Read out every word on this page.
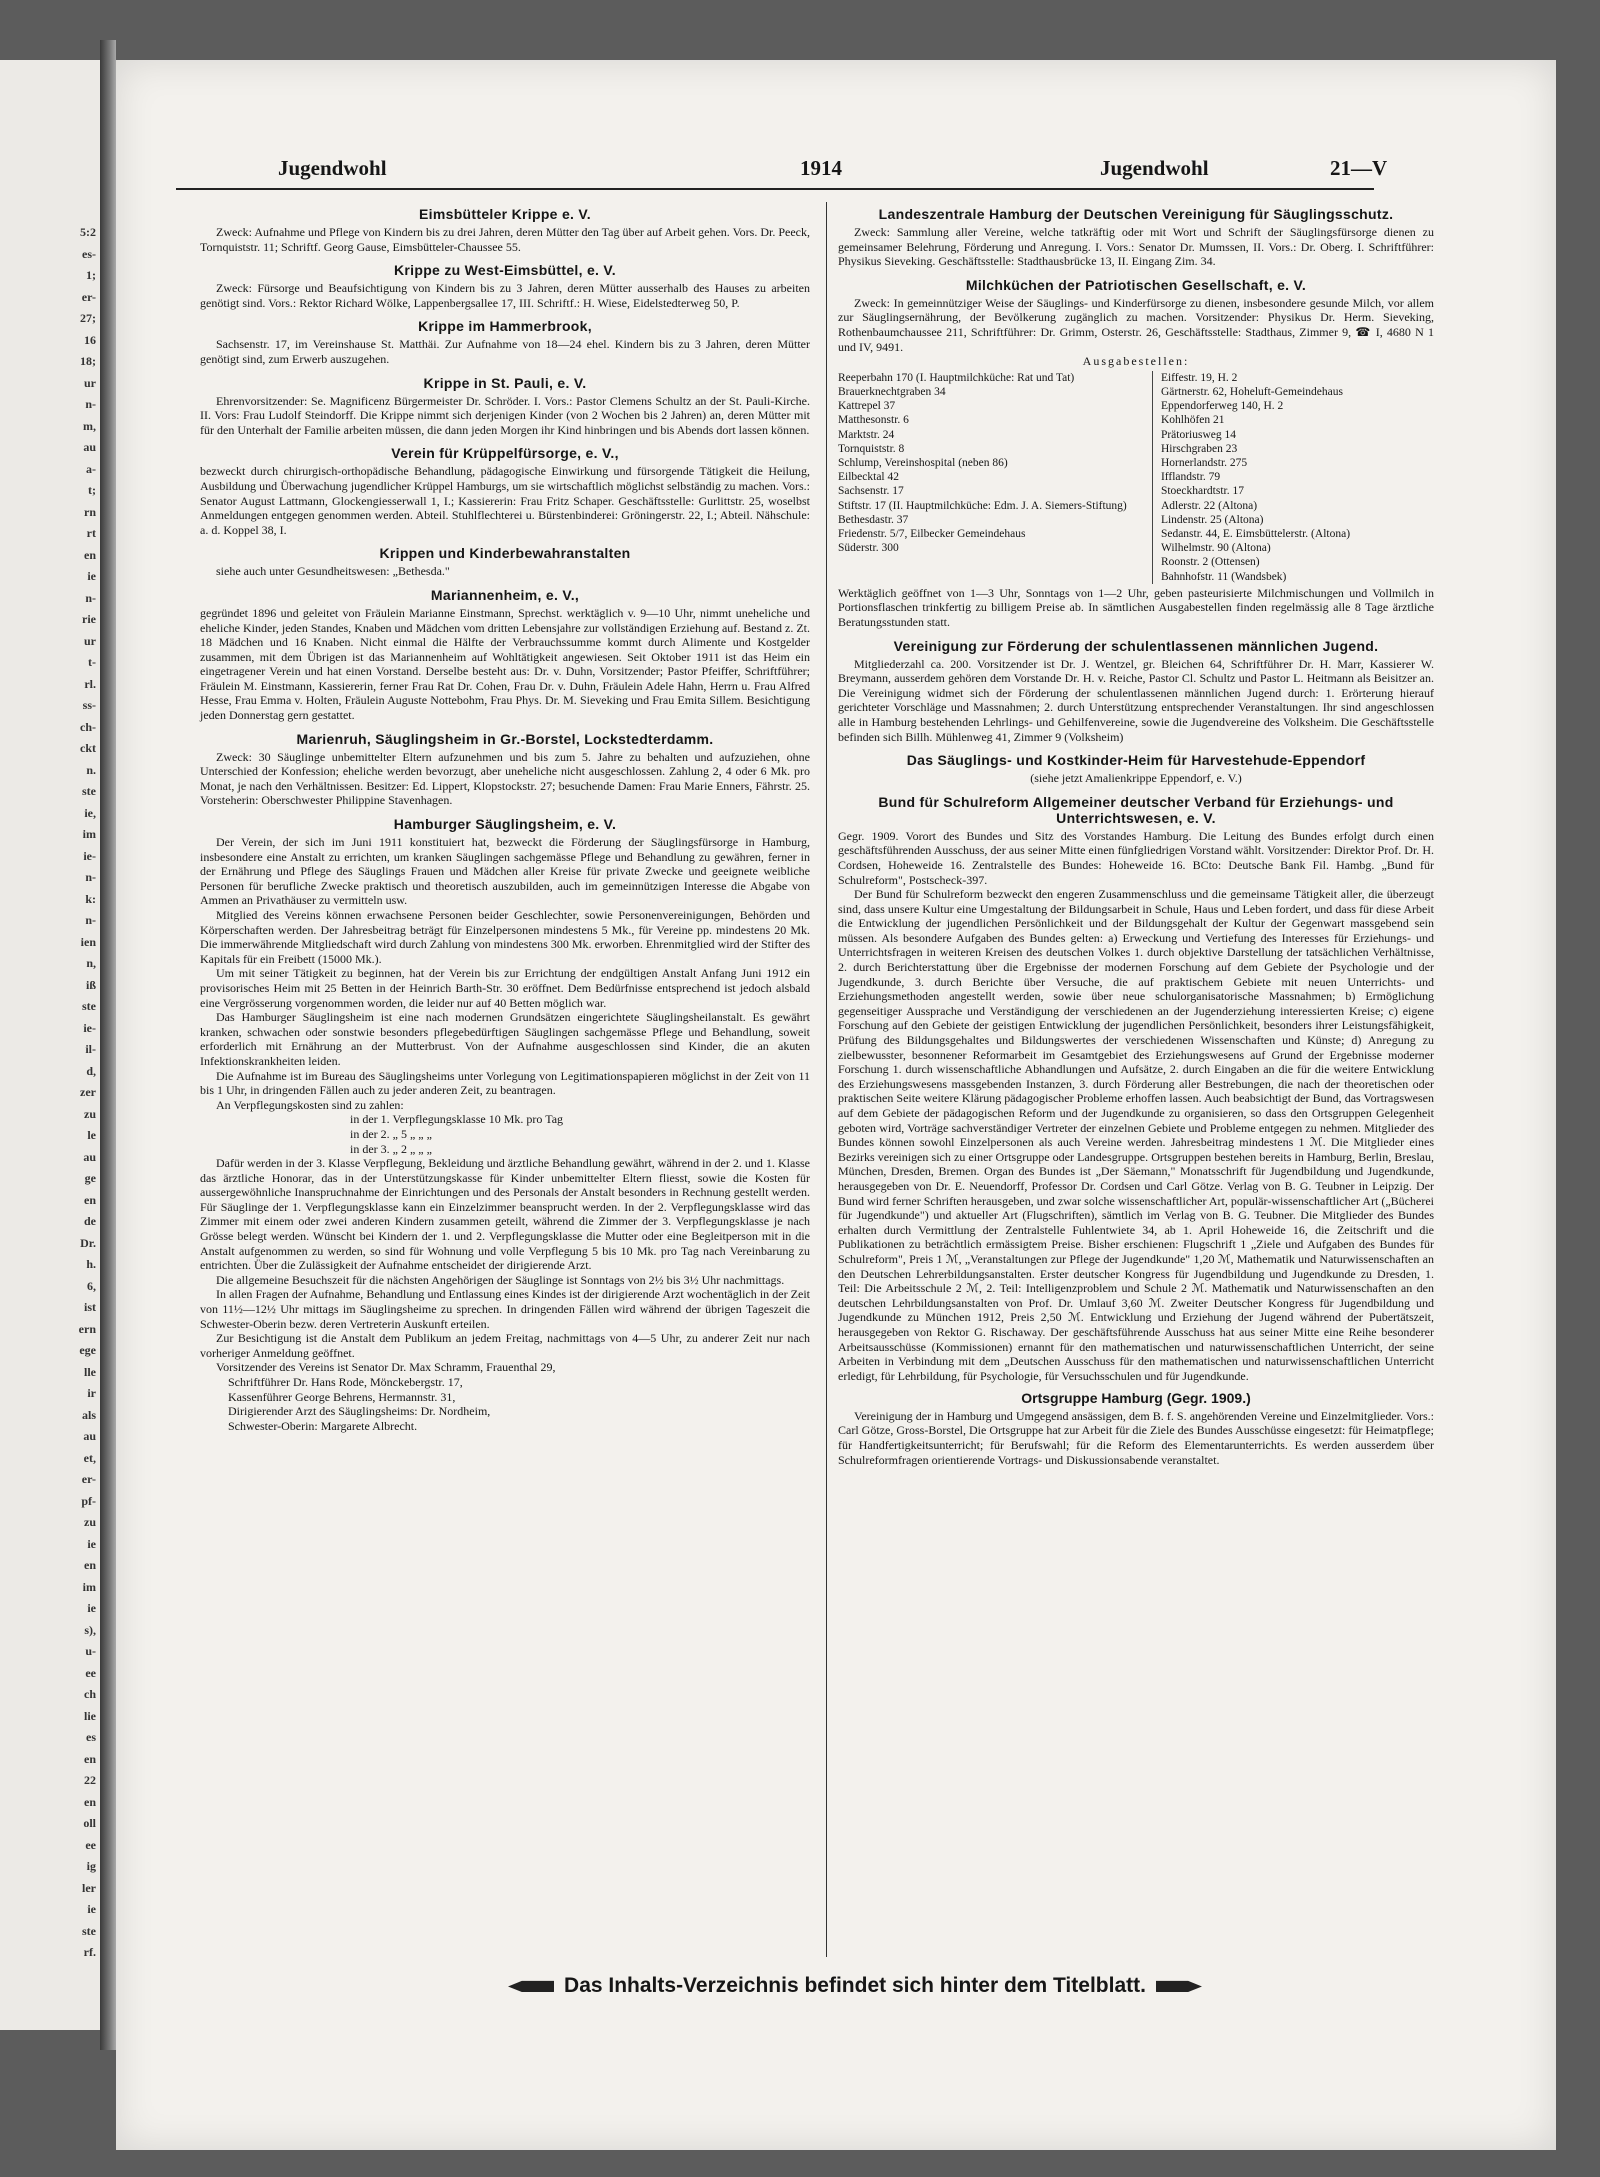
5:2
es-
1;
er-
27;
16
18;
ur
n-
m,
au
a-
t;
rn
rt
en
ie
n-
rie
ur
t-
rl.
ss-
ch-
ckt
n.
ste
ie,
im
ie-
n-
k:
n-
ien
n,
iß
ste
ie-
il-
d,
zer
zu
le
au
ge
en
de
Dr.
h.
6,
ist
ern
ege
lle
ir
als
au
et,
er-
pf-
zu
ie
en
im
ie
s),
u-
ee
ch
lie
es
en
22
en
oll
ee
ig
ler
ie
ste
rf.
Jugendwohl	1914	Jugendwohl	21—V
Eimsbütteler Krippe e. V.

Zweck: Aufnahme und Pflege von Kindern bis zu drei Jahren, deren Mütter den Tag über auf Arbeit gehen. Vors. Dr. Peeck, Tornquiststr. 11; Schriftf. Georg Gause, Eimsbütteler-Chaussee 55.

Krippe zu West-Eimsbüttel, e. V.

Zweck: Fürsorge und Beaufsichtigung von Kindern bis zu 3 Jahren, deren Mütter ausserhalb des Hauses zu arbeiten genötigt sind. Vors.: Rektor Richard Wölke, Lappenbergsallee 17, III. Schriftf.: H. Wiese, Eidelstedterweg 50, P.

Krippe im Hammerbrook,

Sachsenstr. 17, im Vereinshause St. Matthäi. Zur Aufnahme von 18—24 ehel. Kindern bis zu 3 Jahren, deren Mütter genötigt sind, zum Erwerb auszugehen.

Krippe in St. Pauli, e. V.

Ehrenvorsitzender: Se. Magnificenz Bürgermeister Dr. Schröder. I. Vors.: Pastor Clemens Schultz an der St. Pauli-Kirche. II. Vors: Frau Ludolf Steindorff. Die Krippe nimmt sich derjenigen Kinder (von 2 Wochen bis 2 Jahren) an, deren Mütter mit für den Unterhalt der Familie arbeiten müssen, die dann jeden Morgen ihr Kind hinbringen und bis Abends dort lassen können.

Verein für Krüppelfürsorge, e. V.,

bezweckt durch chirurgisch-orthopädische Behandlung, pädagogische Einwirkung und fürsorgende Tätigkeit die Heilung, Ausbildung und Überwachung jugendlicher Krüppel Hamburgs, um sie wirtschaftlich möglichst selbständig zu machen. Vors.: Senator August Lattmann, Glockengiesserwall 1, I.; Kassiererin: Frau Fritz Schaper. Geschäftsstelle: Gurlittstr. 25, woselbst Anmeldungen entgegen genommen werden. Abteil. Stuhlflechterei u. Bürstenbinderei: Gröningerstr. 22, I.; Abteil. Nähschule: a. d. Koppel 38, I.

Krippen und Kinderbewahranstalten

siehe auch unter Gesundheitswesen: „Bethesda."

Mariannenheim, e. V.,

gegründet 1896 und geleitet von Fräulein Marianne Einstmann, Sprechst. werktäglich v. 9—10 Uhr, nimmt uneheliche und eheliche Kinder, jeden Standes, Knaben und Mädchen vom dritten Lebensjahre zur vollständigen Erziehung auf. Bestand z. Zt. 18 Mädchen und 16 Knaben. Nicht einmal die Hälfte der Verbrauchssumme kommt durch Alimente und Kostgelder zusammen, mit dem Übrigen ist das Mariannenheim auf Wohltätigkeit angewiesen. Seit Oktober 1911 ist das Heim ein eingetragener Verein und hat einen Vorstand. Derselbe besteht aus: Dr. v. Duhn, Vorsitzender; Pastor Pfeiffer, Schriftführer; Fräulein M. Einstmann, Kassiererin, ferner Frau Rat Dr. Cohen, Frau Dr. v. Duhn, Fräulein Adele Hahn, Herrn u. Frau Alfred Hesse, Frau Emma v. Holten, Fräulein Auguste Nottebohm, Frau Phys. Dr. M. Sieveking und Frau Emita Sillem. Besichtigung jeden Donnerstag gern gestattet.

Marienruh, Säuglingsheim in Gr.-Borstel, Lockstedterdamm.

Zweck: 30 Säuglinge unbemittelter Eltern aufzunehmen und bis zum 5. Jahre zu behalten und aufzuziehen, ohne Unterschied der Konfession; eheliche werden bevorzugt, aber uneheliche nicht ausgeschlossen. Zahlung 2, 4 oder 6 Mk. pro Monat, je nach den Verhältnissen. Besitzer: Ed. Lippert, Klopstockstr. 27; besuchende Damen: Frau Marie Enners, Fährstr. 25. Vorsteherin: Oberschwester Philippine Stavenhagen.

Hamburger Säuglingsheim, e. V.

Der Verein, der sich im Juni 1911 konstituiert hat, bezweckt die Förderung der Säuglingsfürsorge in Hamburg, insbesondere eine Anstalt zu errichten, um kranken Säuglingen sachgemässe Pflege und Behandlung zu gewähren, ferner in der Ernährung und Pflege des Säuglings Frauen und Mädchen aller Kreise für private Zwecke und geeignete weibliche Personen für berufliche Zwecke praktisch und theoretisch auszubilden, auch im gemeinnützigen Interesse die Abgabe von Ammen an Privathäuser zu vermitteln usw.

Mitglied des Vereins können erwachsene Personen beider Geschlechter, sowie Personenvereinigungen, Behörden und Körperschaften werden. Der Jahresbeitrag beträgt für Einzelpersonen mindestens 5 Mk., für Vereine pp. mindestens 20 Mk. Die immerwährende Mitgliedschaft wird durch Zahlung von mindestens 300 Mk. erworben. Ehrenmitglied wird der Stifter des Kapitals für ein Freibett (15000 Mk.).

Um mit seiner Tätigkeit zu beginnen, hat der Verein bis zur Errichtung der endgültigen Anstalt Anfang Juni 1912 ein provisorisches Heim mit 25 Betten in der Heinrich Barth-Str. 30 eröffnet. Dem Bedürfnisse entsprechend ist jedoch alsbald eine Vergrösserung vorgenommen worden, die leider nur auf 40 Betten möglich war.

Das Hamburger Säuglingsheim ist eine nach modernen Grundsätzen eingerichtete Säuglingsheilanstalt. Es gewährt kranken, schwachen oder sonstwie besonders pflegebedürftigen Säuglingen sachgemässe Pflege und Behandlung, soweit erforderlich mit Ernährung an der Mutterbrust. Von der Aufnahme ausgeschlossen sind Kinder, die an akuten Infektionskrankheiten leiden.

Die Aufnahme ist im Bureau des Säuglingsheims unter Vorlegung von Legitimationspapieren möglichst in der Zeit von 11 bis 1 Uhr, in dringenden Fällen auch zu jeder anderen Zeit, zu beantragen.

An Verpflegungskosten sind zu zahlen:

in der 1. Verpflegungsklasse 10 Mk. pro Tag

in der 2. „ 5 „ „ „

in der 3. „ 2 „ „ „

Dafür werden in der 3. Klasse Verpflegung, Bekleidung und ärztliche Behandlung gewährt, während in der 2. und 1. Klasse das ärztliche Honorar, das in der Unterstützungskasse für Kinder unbemittelter Eltern fliesst, sowie die Kosten für aussergewöhnliche Inanspruchnahme der Einrichtungen und des Personals der Anstalt besonders in Rechnung gestellt werden. Für Säuglinge der 1. Verpflegungsklasse kann ein Einzelzimmer beansprucht werden. In der 2. Verpflegungsklasse wird das Zimmer mit einem oder zwei anderen Kindern zusammen geteilt, während die Zimmer der 3. Verpflegungsklasse je nach Grösse belegt werden. Wünscht bei Kindern der 1. und 2. Verpflegungsklasse die Mutter oder eine Begleitperson mit in die Anstalt aufgenommen zu werden, so sind für Wohnung und volle Verpflegung 5 bis 10 Mk. pro Tag nach Vereinbarung zu entrichten. Über die Zulässigkeit der Aufnahme entscheidet der dirigierende Arzt.

Die allgemeine Besuchszeit für die nächsten Angehörigen der Säuglinge ist Sonntags von 2½ bis 3½ Uhr nachmittags.

In allen Fragen der Aufnahme, Behandlung und Entlassung eines Kindes ist der dirigierende Arzt wochentäglich in der Zeit von 11½—12½ Uhr mittags im Säuglingsheime zu sprechen. In dringenden Fällen wird während der übrigen Tageszeit die Schwester-Oberin bezw. deren Vertreterin Auskunft erteilen.

Zur Besichtigung ist die Anstalt dem Publikum an jedem Freitag, nachmittags von 4—5 Uhr, zu anderer Zeit nur nach vorheriger Anmeldung geöffnet.

Vorsitzender des Vereins ist Senator Dr. Max Schramm, Frauenthal 29,

Schriftführer Dr. Hans Rode, Mönckebergstr. 17,

Kassenführer George Behrens, Hermannstr. 31,

Dirigierender Arzt des Säuglingsheims: Dr. Nordheim,

Schwester-Oberin: Margarete Albrecht.

Landeszentrale Hamburg der Deutschen Vereinigung für Säuglingsschutz.

Zweck: Sammlung aller Vereine, welche tatkräftig oder mit Wort und Schrift der Säuglingsfürsorge dienen zu gemeinsamer Belehrung, Förderung und Anregung. I. Vors.: Senator Dr. Mumssen, II. Vors.: Dr. Oberg. I. Schriftführer: Physikus Sieveking. Geschäftsstelle: Stadthausbrücke 13, II. Eingang Zim. 34.

Milchküchen der Patriotischen Gesellschaft, e. V.

Zweck: In gemeinnütziger Weise der Säuglings- und Kinderfürsorge zu dienen, insbesondere gesunde Milch, vor allem zur Säuglingsernährung, der Bevölkerung zugänglich zu machen. Vorsitzender: Physikus Dr. Herm. Sieveking, Rothenbaumchaussee 211, Schriftführer: Dr. Grimm, Osterstr. 26, Geschäftsstelle: Stadthaus, Zimmer 9, ☎ I, 4680 N 1 und IV, 9491.

Ausgabestellen:

Reeperbahn 170 (I. Hauptmilchküche: Rat und Tat)
Brauerknechtgraben 34
Kattrepel 37
Matthesonstr. 6
Marktstr. 24
Tornquiststr. 8
Schlump, Vereinshospital (neben 86)
Eilbecktal 42
Sachsenstr. 17
Stiftstr. 17 (II. Hauptmilchküche: Edm. J. A. Siemers-Stiftung)
Bethesdastr. 37
Friedenstr. 5/7, Eilbecker Gemeindehaus
Süderstr. 300
Eiffestr. 19, H. 2
Gärtnerstr. 62, Hoheluft-Gemeindehaus
Eppendorferweg 140, H. 2
Kohlhöfen 21
Prätoriusweg 14
Hirschgraben 23
Hornerlandstr. 275
Ifflandstr. 79
Stoeckhardtstr. 17
Adlerstr. 22 (Altona)
Lindenstr. 25 (Altona)
Sedanstr. 44, E. Eimsbüttelerstr. (Altona)
Wilhelmstr. 90 (Altona)
Roonstr. 2 (Ottensen)
Bahnhofstr. 11 (Wandsbek)

Werktäglich geöffnet von 1—3 Uhr, Sonntags von 1—2 Uhr, geben pasteurisierte Milchmischungen und Vollmilch in Portionsflaschen trinkfertig zu billigem Preise ab. In sämtlichen Ausgabestellen finden regelmässig alle 8 Tage ärztliche Beratungsstunden statt.

Vereinigung zur Förderung der schulentlassenen männlichen Jugend.

Mitgliederzahl ca. 200. Vorsitzender ist Dr. J. Wentzel, gr. Bleichen 64, Schriftführer Dr. H. Marr, Kassierer W. Breymann, ausserdem gehören dem Vorstande Dr. H. v. Reiche, Pastor Cl. Schultz und Pastor L. Heitmann als Beisitzer an. Die Vereinigung widmet sich der Förderung der schulentlassenen männlichen Jugend durch: 1. Erörterung hierauf gerichteter Vorschläge und Massnahmen; 2. durch Unterstützung entsprechender Veranstaltungen. Ihr sind angeschlossen alle in Hamburg bestehenden Lehrlings- und Gehilfenvereine, sowie die Jugendvereine des Volksheim. Die Geschäftsstelle befinden sich Billh. Mühlenweg 41, Zimmer 9 (Volksheim)

Das Säuglings- und Kostkinder-Heim für Harvestehude-Eppendorf

(siehe jetzt Amalienkrippe Eppendorf, e. V.)

Bund für Schulreform Allgemeiner deutscher Verband für Erziehungs- und Unterrichtswesen, e. V.

Gegr. 1909. Vorort des Bundes und Sitz des Vorstandes Hamburg. Die Leitung des Bundes erfolgt durch einen geschäftsführenden Ausschuss, der aus seiner Mitte einen fünfgliedrigen Vorstand wählt. Vorsitzender: Direktor Prof. Dr. H. Cordsen, Hoheweide 16. Zentralstelle des Bundes: Hoheweide 16. BCto: Deutsche Bank Fil. Hambg. „Bund für Schulreform", Postscheck-397.

Der Bund für Schulreform bezweckt den engeren Zusammenschluss und die gemeinsame Tätigkeit aller, die überzeugt sind, dass unsere Kultur eine Umgestaltung der Bildungsarbeit in Schule, Haus und Leben fordert, und dass für diese Arbeit die Entwicklung der jugendlichen Persönlichkeit und der Bildungsgehalt der Kultur der Gegenwart massgebend sein müssen. Als besondere Aufgaben des Bundes gelten: a) Erweckung und Vertiefung des Interesses für Erziehungs- und Unterrichtsfragen in weiteren Kreisen des deutschen Volkes 1. durch objektive Darstellung der tatsächlichen Verhältnisse, 2. durch Berichterstattung über die Ergebnisse der modernen Forschung auf dem Gebiete der Psychologie und der Jugendkunde, 3. durch Berichte über Versuche, die auf praktischem Gebiete mit neuen Unterrichts- und Erziehungsmethoden angestellt werden, sowie über neue schulorganisatorische Massnahmen; b) Ermöglichung gegenseitiger Aussprache und Verständigung der verschiedenen an der Jugenderziehung interessierten Kreise; c) eigene Forschung auf den Gebiete der geistigen Entwicklung der jugendlichen Persönlichkeit, besonders ihrer Leistungsfähigkeit, Prüfung des Bildungsgehaltes und Bildungswertes der verschiedenen Wissenschaften und Künste; d) Anregung zu zielbewusster, besonnener Reformarbeit im Gesamtgebiet des Erziehungswesens auf Grund der Ergebnisse moderner Forschung 1. durch wissenschaftliche Abhandlungen und Aufsätze, 2. durch Eingaben an die für die weitere Entwicklung des Erziehungswesens massgebenden Instanzen, 3. durch Förderung aller Bestrebungen, die nach der theoretischen oder praktischen Seite weitere Klärung pädagogischer Probleme erhoffen lassen. Auch beabsichtigt der Bund, das Vortragswesen auf dem Gebiete der pädagogischen Reform und der Jugendkunde zu organisieren, so dass den Ortsgruppen Gelegenheit geboten wird, Vorträge sachverständiger Vertreter der einzelnen Gebiete und Probleme entgegen zu nehmen. Mitglieder des Bundes können sowohl Einzelpersonen als auch Vereine werden. Jahresbeitrag mindestens 1 ℳ. Die Mitglieder eines Bezirks vereinigen sich zu einer Ortsgruppe oder Landesgruppe. Ortsgruppen bestehen bereits in Hamburg, Berlin, Breslau, München, Dresden, Bremen. Organ des Bundes ist „Der Säemann," Monatsschrift für Jugendbildung und Jugendkunde, herausgegeben von Dr. E. Neuendorff, Professor Dr. Cordsen und Carl Götze. Verlag von B. G. Teubner in Leipzig. Der Bund wird ferner Schriften herausgeben, und zwar solche wissenschaftlicher Art, populär-wissenschaftlicher Art („Bücherei für Jugendkunde") und aktueller Art (Flugschriften), sämtlich im Verlag von B. G. Teubner. Die Mitglieder des Bundes erhalten durch Vermittlung der Zentralstelle Fuhlentwiete 34, ab 1. April Hoheweide 16, die Zeitschrift und die Publikationen zu beträchtlich ermässigtem Preise. Bisher erschienen: Flugschrift 1 „Ziele und Aufgaben des Bundes für Schulreform", Preis 1 ℳ, „Veranstaltungen zur Pflege der Jugendkunde" 1,20 ℳ, Mathematik und Naturwissenschaften an den Deutschen Lehrerbildungsanstalten. Erster deutscher Kongress für Jugendbildung und Jugendkunde zu Dresden, 1. Teil: Die Arbeitsschule 2 ℳ, 2. Teil: Intelligenzproblem und Schule 2 ℳ. Mathematik und Naturwissenschaften an den deutschen Lehrbildungsanstalten von Prof. Dr. Umlauf 3,60 ℳ. Zweiter Deutscher Kongress für Jugendbildung und Jugendkunde zu München 1912, Preis 2,50 ℳ. Entwicklung und Erziehung der Jugend während der Pubertätszeit, herausgegeben von Rektor G. Rischaway. Der geschäftsführende Ausschuss hat aus seiner Mitte eine Reihe besonderer Arbeitsausschüsse (Kommissionen) ernannt für den mathematischen und naturwissenschaftlichen Unterricht, der seine Arbeiten in Verbindung mit dem „Deutschen Ausschuss für den mathematischen und naturwissenschaftlichen Unterricht erledigt, für Lehrbildung, für Psychologie, für Versuchsschulen und für Jugendkunde.

Ortsgruppe Hamburg (Gegr. 1909.)

Vereinigung der in Hamburg und Umgegend ansässigen, dem B. f. S. angehörenden Vereine und Einzelmitglieder. Vors.: Carl Götze, Gross-Borstel, Die Ortsgruppe hat zur Arbeit für die Ziele des Bundes Ausschüsse eingesetzt: für Heimatpflege; für Handfertigkeitsunterricht; für Berufswahl; für die Reform des Elementarunterrichts. Es werden ausserdem über Schulreformfragen orientierende Vortrags- und Diskussionsabende veranstaltet.

Das Inhalts-Verzeichnis befindet sich hinter dem Titelblatt.
